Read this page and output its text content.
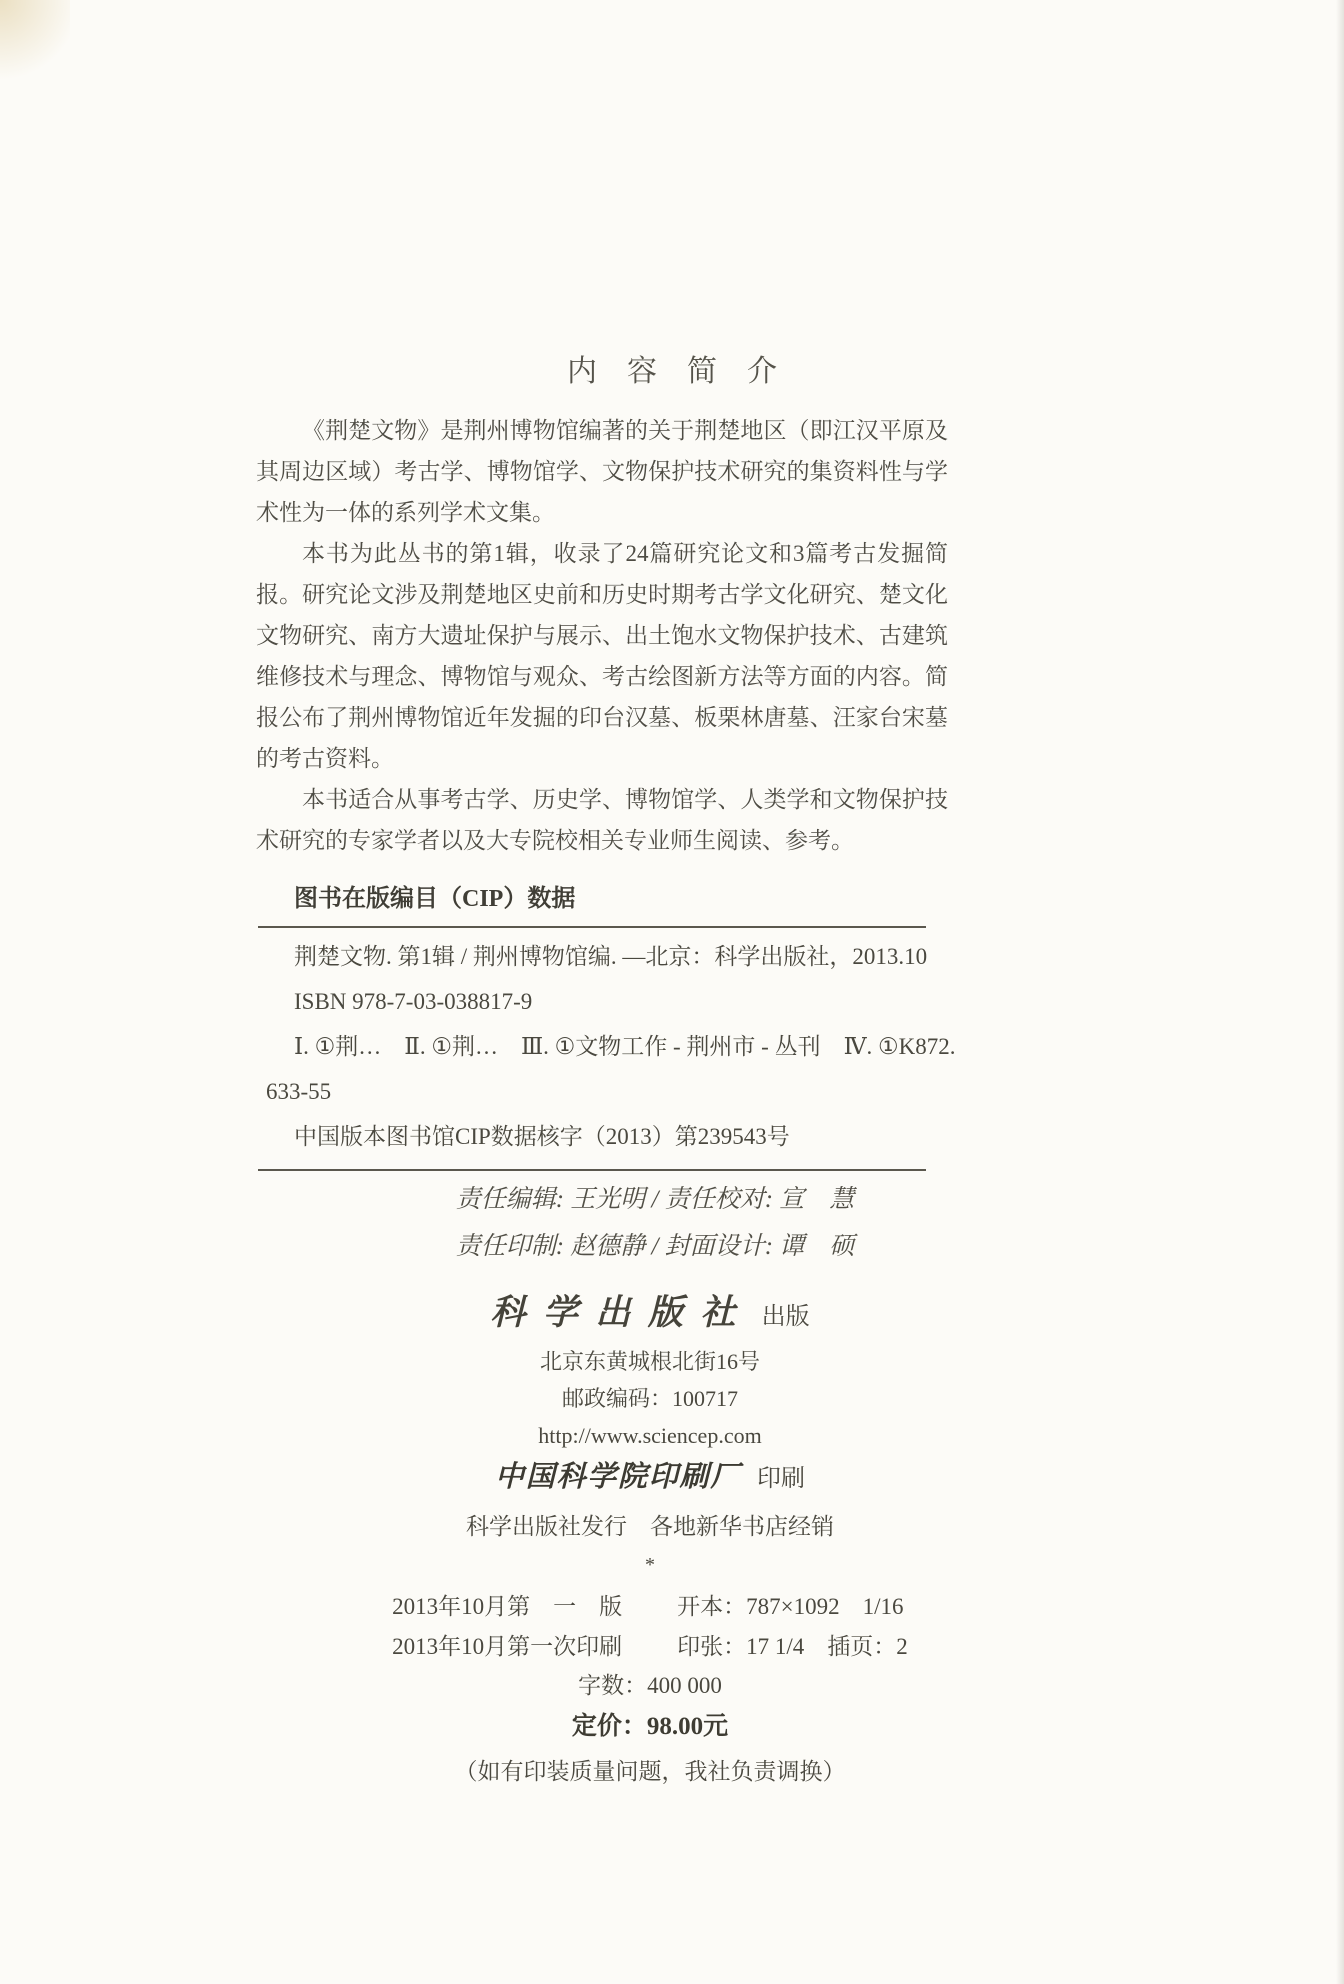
内　容　简　介

《荆楚文物》是荆州博物馆编著的关于荆楚地区（即江汉平原及其周边区域）考古学、博物馆学、文物保护技术研究的集资料性与学术性为一体的系列学术文集。

本书为此丛书的第1辑，收录了24篇研究论文和3篇考古发掘简报。研究论文涉及荆楚地区史前和历史时期考古学文化研究、楚文化文物研究、南方大遗址保护与展示、出土饱水文物保护技术、古建筑维修技术与理念、博物馆与观众、考古绘图新方法等方面的内容。简报公布了荆州博物馆近年发掘的印台汉墓、板栗林唐墓、汪家台宋墓的考古资料。

本书适合从事考古学、历史学、博物馆学、人类学和文物保护技术研究的专家学者以及大专院校相关专业师生阅读、参考。

图书在版编目（CIP）数据

荆楚文物. 第1辑 / 荆州博物馆编. —北京：科学出版社，2013.10

ISBN 978-7-03-038817-9

Ⅰ. ①荆…　Ⅱ. ①荆…　Ⅲ. ①文物工作 - 荆州市 - 丛刊　Ⅳ. ①K872.

633-55

中国版本图书馆CIP数据核字（2013）第239543号

责任编辑: 王光明 / 责任校对: 宣　慧

责任印制: 赵德静 / 封面设计: 谭　硕

科学出版社 出版

北京东黄城根北街16号

邮政编码：100717

http://www.sciencep.com

中国科学院印刷厂 印刷

科学出版社发行　各地新华书店经销

*

2013年10月第　一　版 开本：787×1092　1/16
2013年10月第一次印刷 印张：17 1/4　插页：2

字数：400 000

定价：98.00元

（如有印装质量问题，我社负责调换）
